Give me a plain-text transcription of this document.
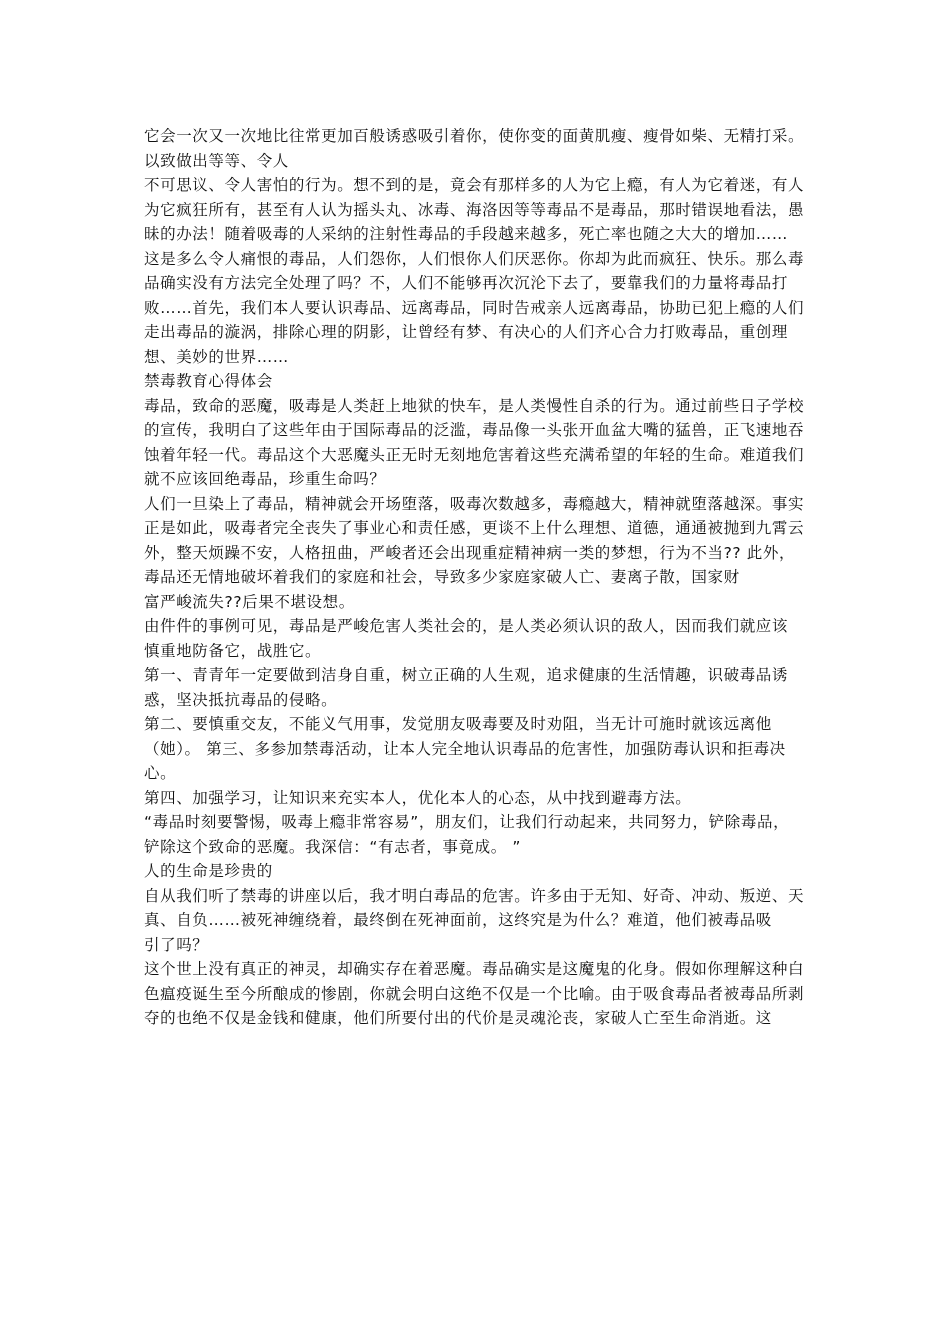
它会一次又一次地比往常更加百般诱惑吸引着你，使你变的面黄肌瘦、瘦骨如柴、无精打采。以致做出等等、令人

不可思议、令人害怕的行为。想不到的是，竟会有那样多的人为它上瘾，有人为它着迷，有人为它疯狂所有，甚至有人认为摇头丸、冰毒、海洛因等等毒品不是毒品，那时错误地看法，愚昧的办法！随着吸毒的人采纳的注射性毒品的手段越来越多，死亡率也随之大大的增加……

这是多么令人痛恨的毒品，人们怨你，人们恨你人们厌恶你。你却为此而疯狂、快乐。那么毒品确实没有方法完全处理了吗？不，人们不能够再次沉沦下去了，要靠我们的力量将毒品打败……首先，我们本人要认识毒品、远离毒品，同时告戒亲人远离毒品，协助已犯上瘾的人们走出毒品的漩涡，排除心理的阴影，让曾经有梦、有决心的人们齐心合力打败毒品，重创理想、美妙的世界……

禁毒教育心得体会

毒品，致命的恶魔，吸毒是人类赶上地狱的快车，是人类慢性自杀的行为。通过前些日子学校的宣传，我明白了这些年由于国际毒品的泛滥，毒品像一头张开血盆大嘴的猛兽，正飞速地吞蚀着年轻一代。毒品这个大恶魔头正无时无刻地危害着这些充满希望的年轻的生命。难道我们就不应该回绝毒品，珍重生命吗？

人们一旦染上了毒品，精神就会开场堕落，吸毒次数越多，毒瘾越大，精神就堕落越深。事实正是如此，吸毒者完全丧失了事业心和责任感，更谈不上什么理想、道德，通通被抛到九霄云外，整天烦躁不安，人格扭曲，严峻者还会出现重症精神病一类的梦想，行为不当?? 此外，毒品还无情地破坏着我们的家庭和社会，导致多少家庭家破人亡、妻离子散，国家财

富严峻流失??后果不堪设想。

由件件的事例可见，毒品是严峻危害人类社会的，是人类必须认识的敌人，因而我们就应该

慎重地防备它，战胜它。

第一、青青年一定要做到洁身自重，树立正确的人生观，追求健康的生活情趣，识破毒品诱

惑，坚决抵抗毒品的侵略。

第二、要慎重交友，不能义气用事，发觉朋友吸毒要及时劝阻，当无计可施时就该远离他（她）。 第三、多参加禁毒活动，让本人完全地认识毒品的危害性，加强防毒认识和拒毒决心。

第四、加强学习，让知识来充实本人，优化本人的心态，从中找到避毒方法。

“毒品时刻要警惕，吸毒上瘾非常容易”，朋友们，让我们行动起来，共同努力，铲除毒品，

铲除这个致命的恶魔。我深信：“有志者，事竟成。 ”

人的生命是珍贵的

自从我们听了禁毒的讲座以后，我才明白毒品的危害。许多由于无知、好奇、冲动、叛逆、天真、自负……被死神缠绕着，最终倒在死神面前，这终究是为什么？难道，他们被毒品吸

引了吗？

这个世上没有真正的神灵，却确实存在着恶魔。毒品确实是这魔鬼的化身。假如你理解这种白色瘟疫诞生至今所酿成的惨剧，你就会明白这绝不仅是一个比喻。由于吸食毒品者被毒品所剥夺的也绝不仅是金钱和健康，他们所要付出的代价是灵魂沦丧，家破人亡至生命消逝。这
